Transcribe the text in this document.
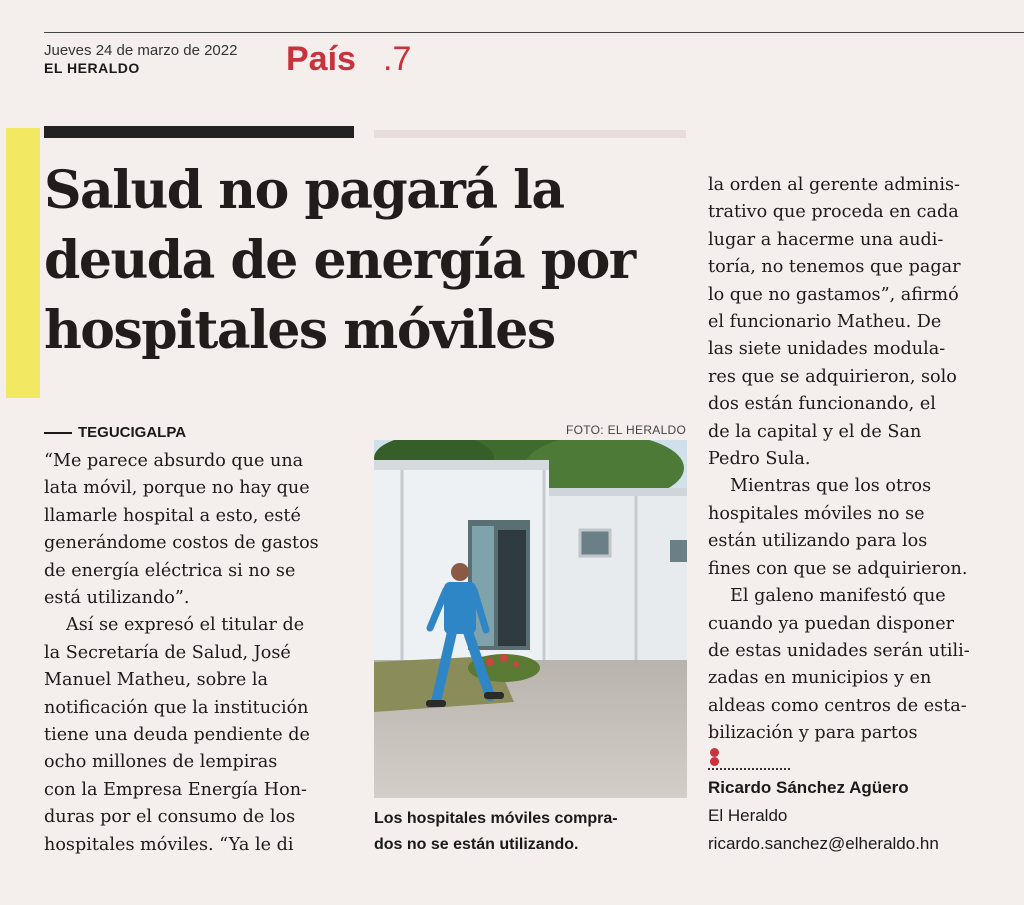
Jueves 24 de marzo de 2022
EL HERALDO	País .7
Salud no pagará la
deuda de energía por
hospitales móviles
TEGUCIGALPA
“Me parece absurdo que una
lata móvil, porque no hay que
llamarle hospital a esto, esté
generándome costos de gastos
de energía eléctrica si no se
está utilizando”.
Así se expresó el titular de
la Secretaría de Salud, José
Manuel Matheu, sobre la
notificación que la institución
tiene una deuda pendiente de
ocho millones de lempiras
con la Empresa Energía Hon-
duras por el consumo de los
hospitales móviles. “Ya le di
FOTO: EL HERALDO
Los hospitales móviles compra-
dos no se están utilizando.
la orden al gerente adminis-
trativo que proceda en cada
lugar a hacerme una audi-
toría, no tenemos que pagar
lo que no gastamos”, afirmó
el funcionario Matheu. De
las siete unidades modula-
res que se adquirieron, solo
dos están funcionando, el
de la capital y el de San
Pedro Sula.
Mientras que los otros
hospitales móviles no se
están utilizando para los
fines con que se adquirieron.
El galeno manifestó que
cuando ya puedan disponer
de estas unidades serán utili-
zadas en municipios y en
aldeas como centros de esta-
bilización y para partos
Ricardo Sánchez Agüero
El Heraldo
ricardo.sanchez@elheraldo.hn
